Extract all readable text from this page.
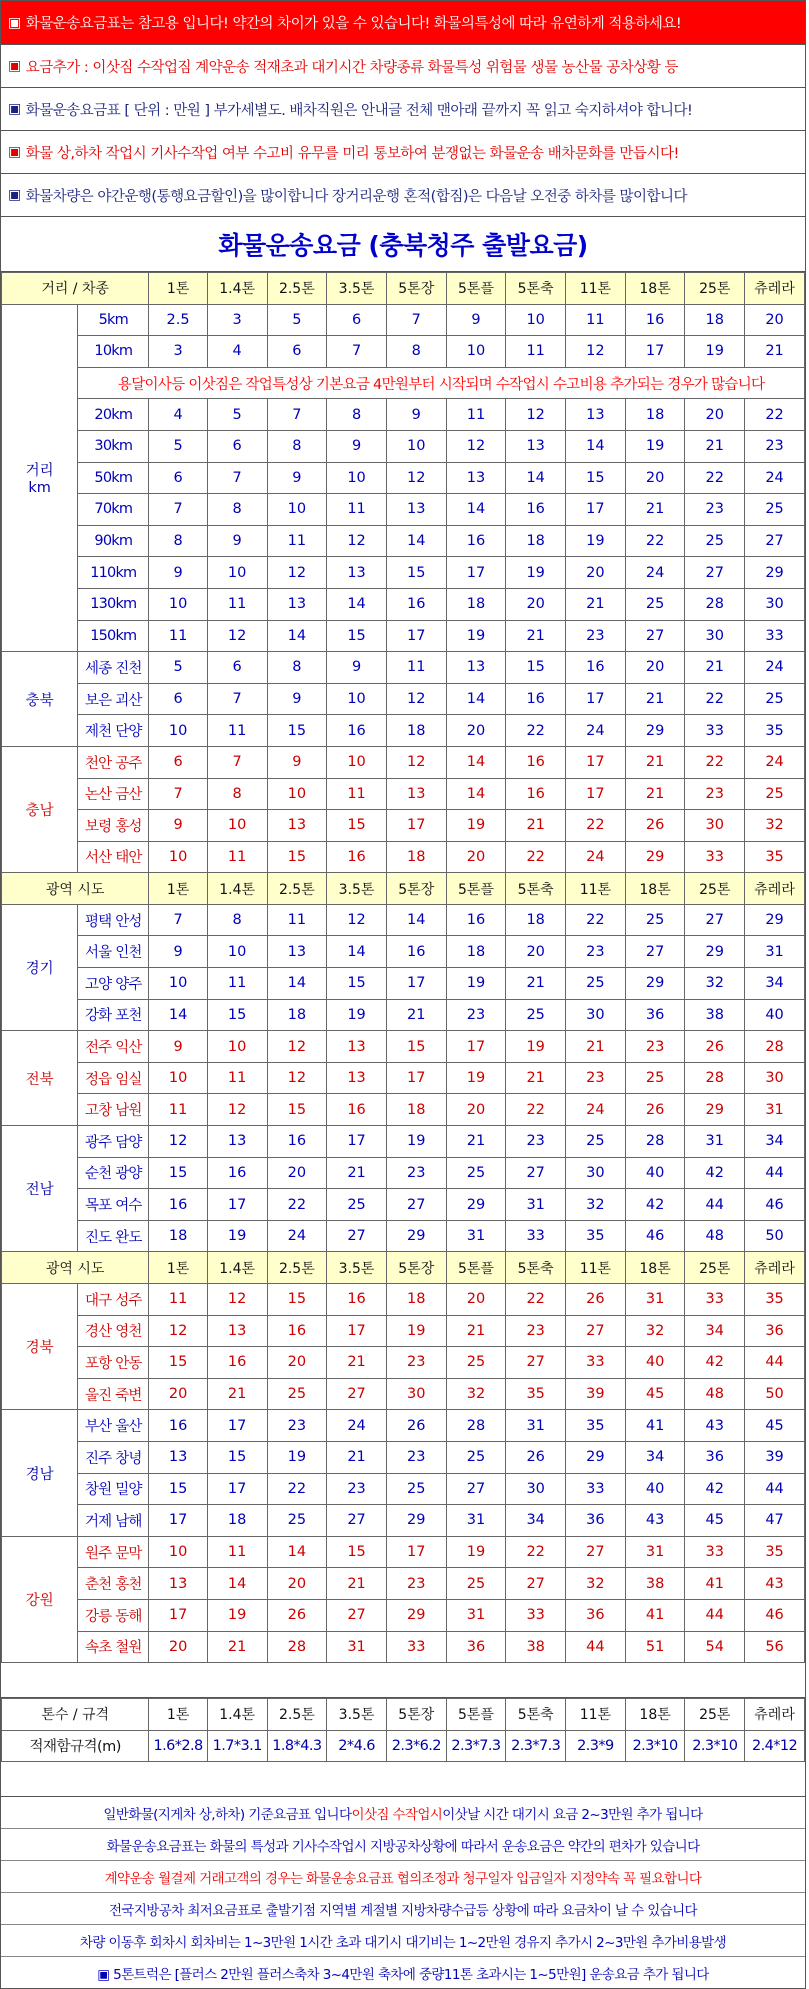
▣ 화물운송요금표는 참고용 입니다! 약간의 차이가 있을 수 있습니다! 화물의특성에 따라 유연하게 적용하세요!
▣ 요금추가 : 이삿짐 수작업짐 계약운송 적재초과 대기시간 차량종류 화물특성 위험물 생물 농산물 공차상황 등
▣ 화물운송요금표 [ 단위 : 만원 ] 부가세별도. 배차직원은 안내글 전체 맨아래 끝까지 꼭 읽고 숙지하셔야 합니다!
▣ 화물 상,하차 작업시 기사수작업 여부 수고비 유무를 미리 통보하여 분쟁없는 화물운송 배차문화를 만듭시다!
▣ 화물차량은 야간운행(통행요금할인)을 많이합니다 장거리운행 혼적(합짐)은 다음날 오전중 하차를 많이합니다
화물운송요금 (충북청주 출발요금)
거리 / 차종		1톤	1.4톤	2.5톤	3.5톤	5톤장	5톤플	5톤축	11톤	18톤	25톤	츄레라
거리
km	5km	2.5	3	5	6	7	9	10	11	16	18	20
	10km	3	4	6	7	8	10	11	12	17	19	21
	용달이사등 이삿짐은 작업특성상 기본요금 4만원부터 시작되며 수작업시 수고비용 추가되는 경우가 많습니다											
	20km	4	5	7	8	9	11	12	13	18	20	22
	30km	5	6	8	9	10	12	13	14	19	21	23
	50km	6	7	9	10	12	13	14	15	20	22	24
	70km	7	8	10	11	13	14	16	17	21	23	25
	90km	8	9	11	12	14	16	18	19	22	25	27
	110km	9	10	12	13	15	17	19	20	24	27	29
	130km	10	11	13	14	16	18	20	21	25	28	30
	150km	11	12	14	15	17	19	21	23	27	30	33
충북	세종 진천	5	6	8	9	11	13	15	16	20	21	24
	보은 괴산	6	7	9	10	12	14	16	17	21	22	25
	제천 단양	10	11	15	16	18	20	22	24	29	33	35
충남	천안 공주	6	7	9	10	12	14	16	17	21	22	24
	논산 금산	7	8	10	11	13	14	16	17	21	23	25
	보령 홍성	9	10	13	15	17	19	21	22	26	30	32
	서산 태안	10	11	15	16	18	20	22	24	29	33	35
광역 시도		1톤	1.4톤	2.5톤	3.5톤	5톤장	5톤플	5톤축	11톤	18톤	25톤	츄레라
경기	평택 안성	7	8	11	12	14	16	18	22	25	27	29
	서울 인천	9	10	13	14	16	18	20	23	27	29	31
	고양 양주	10	11	14	15	17	19	21	25	29	32	34
	강화 포천	14	15	18	19	21	23	25	30	36	38	40
전북	전주 익산	9	10	12	13	15	17	19	21	23	26	28
	정읍 임실	10	11	12	13	17	19	21	23	25	28	30
	고창 남원	11	12	15	16	18	20	22	24	26	29	31
전남	광주 담양	12	13	16	17	19	21	23	25	28	31	34
	순천 광양	15	16	20	21	23	25	27	30	40	42	44
	목포 여수	16	17	22	25	27	29	31	32	42	44	46
	진도 완도	18	19	24	27	29	31	33	35	46	48	50
광역 시도		1톤	1.4톤	2.5톤	3.5톤	5톤장	5톤플	5톤축	11톤	18톤	25톤	츄레라
경북	대구 성주	11	12	15	16	18	20	22	26	31	33	35
	경산 영천	12	13	16	17	19	21	23	27	32	34	36
	포항 안동	15	16	20	21	23	25	27	33	40	42	44
	울진 죽변	20	21	25	27	30	32	35	39	45	48	50
경남	부산 울산	16	17	23	24	26	28	31	35	41	43	45
	진주 창녕	13	15	19	21	23	25	26	29	34	36	39
	창원 밀양	15	17	22	23	25	27	30	33	40	42	44
	거제 남해	17	18	25	27	29	31	34	36	43	45	47
강원	원주 문막	10	11	14	15	17	19	22	27	31	33	35
	춘천 홍천	13	14	20	21	23	25	27	32	38	41	43
	강릉 동해	17	19	26	27	29	31	33	36	41	44	46
	속초 철원	20	21	28	31	33	36	38	44	51	54	56
톤수 / 규격	1톤	1.4톤	2.5톤	3.5톤	5톤장	5톤플	5톤축	11톤	18톤	25톤	츄레라
적재함규격(m)	1.6*2.8	1.7*3.1	1.8*4.3	2*4.6	2.3*6.2	2.3*7.3	2.3*7.3	2.3*9	2.3*10	2.3*10	2.4*12
일반화물(지게차 상,하차) 기준요금표 입니다 이삿짐 수작업시 이삿날 시간 대기시 요금 2~3만원 추가 됩니다
화물운송요금표는 화물의 특성과 기사수작업시 지방공차상황에 따라서 운송요금은 약간의 편차가 있습니다
계약운송 월결제 거래고객의 경우는 화물운송요금표 협의조정과 청구일자 입금일자 지정약속 꼭 필요합니다
전국지방공차 최저요금표로 출발기점 지역별 계절별 지방차량수급등 상황에 따라 요금차이 날 수 있습니다
차량 이동후 회차시 회차비는 1~3만원 1시간 초과 대기시 대기비는 1~2만원 경유지 추가시 2~3만원 추가비용발생
▣ 5톤트럭은 [플러스 2만원 플러스축차 3~4만원 축차에 중량11톤 초과시는 1~5만원] 운송요금 추가 됩니다
